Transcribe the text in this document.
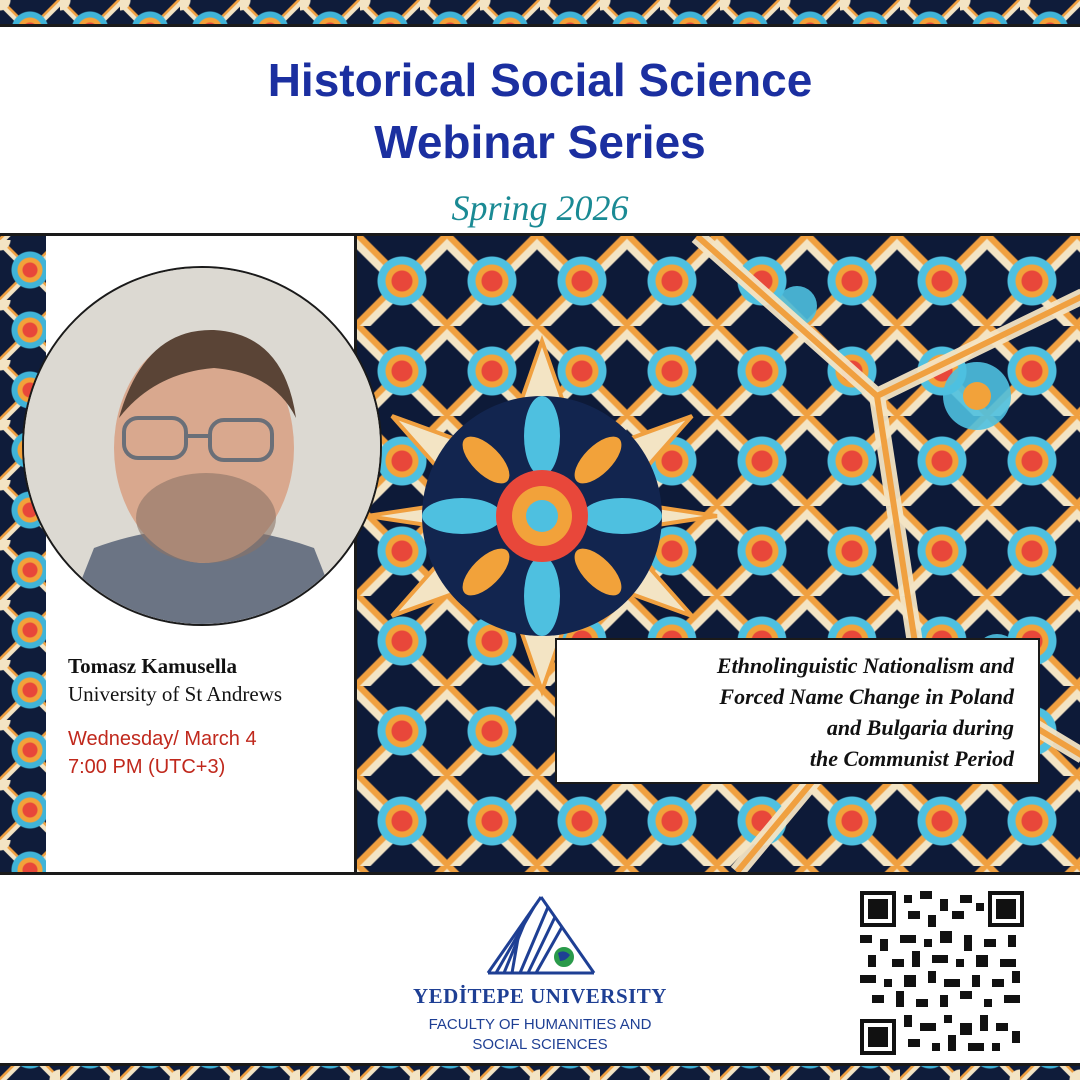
Historical Social Science
Webinar Series
Spring 2026
Tomasz Kamusella
University of St Andrews
Wednesday/ March 4
7:00 PM (UTC+3)
Ethnolinguistic Nationalism and
Forced Name Change in Poland
and Bulgaria during
the Communist Period
YEDİTEPE UNIVERSITY
FACULTY OF HUMANITIES AND
SOCIAL SCIENCES
